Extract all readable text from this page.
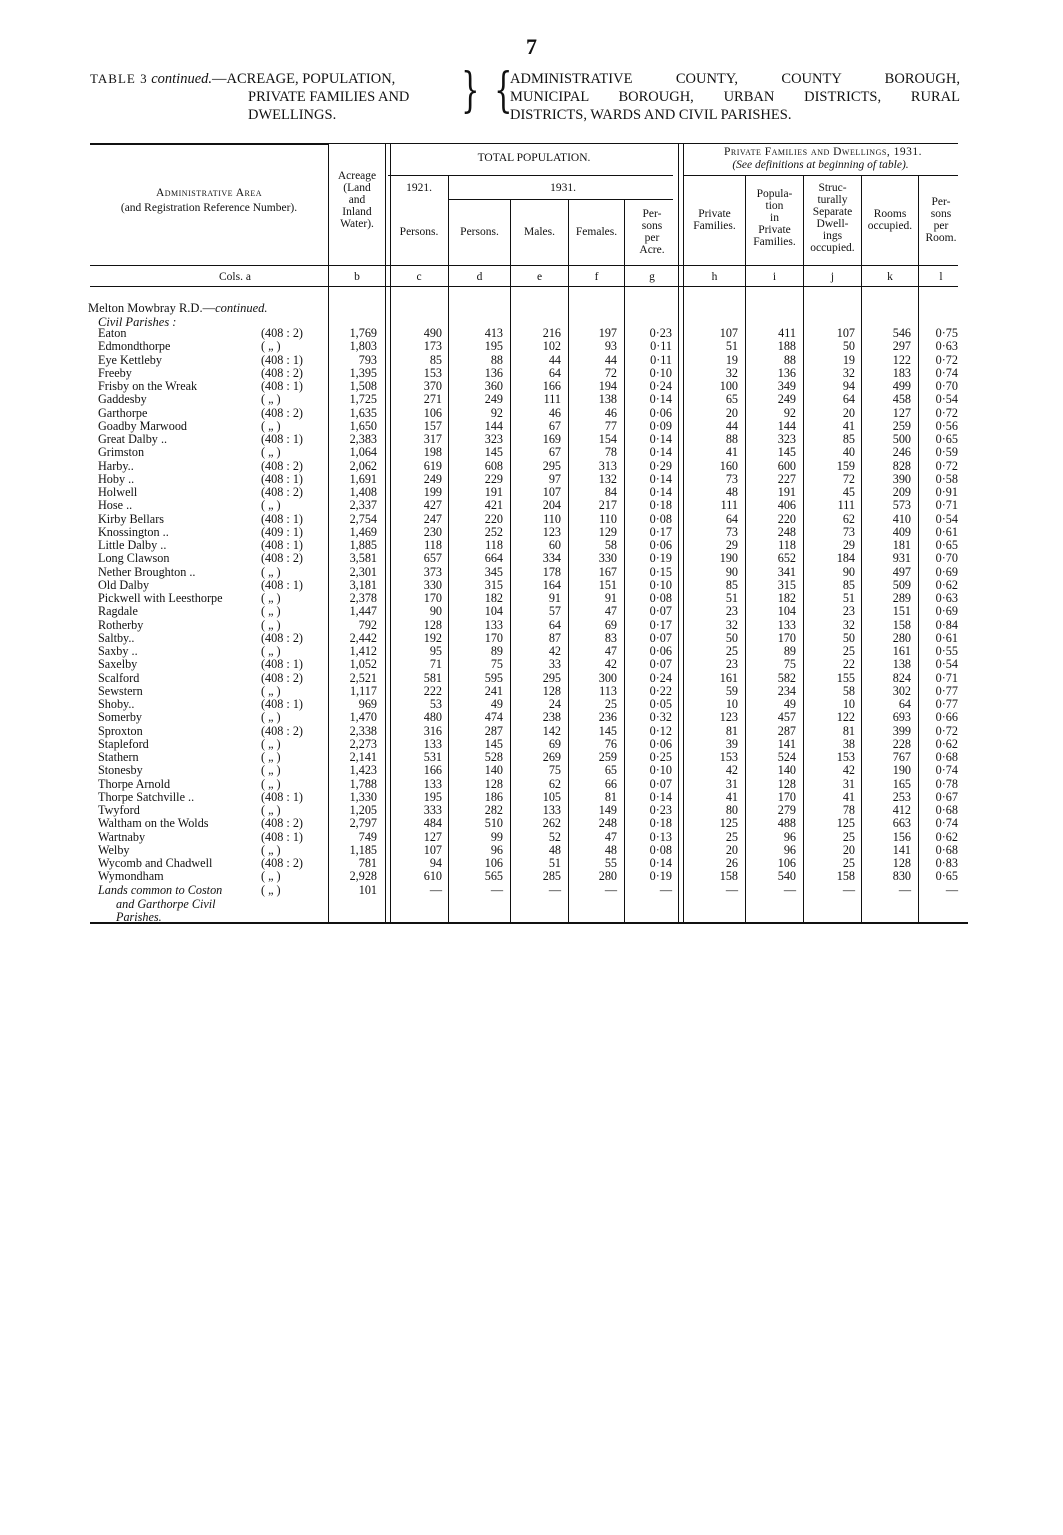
7
} {
TABLE 3 continued.—ACREAGE, POPULATION,
PRIVATE FAMILIES AND
DWELLINGS.
ADMINISTRATIVE COUNTY, COUNTY BOROUGH,
MUNICIPAL BOROUGH, URBAN DISTRICTS, RURAL
DISTRICTS, WARDS AND CIVIL PARISHES.
Administrative Area
(and Registration Reference Number).
Acreage
(Land
and
Inland
Water).
TOTAL POPULATION.
1921.	1931.
Persons.	Persons.	Males.	Females.
Per-
sons
per
Acre.
Private Families and Dwellings, 1931.
(See definitions at beginning of table).
Private
Families.
Popula-
tion
in
Private
Families.
Struc-
turally
Separate
Dwell-
ings
occupied.
Rooms
occupied.
Per-
sons
per
Room.
Cols. a	b	c	d	e	f	g	h	i	j	k	l
Melton Mowbray R.D.—continued.
Civil Parishes :
Eaton	(408 : 2)	1,769	490	413	216	197	0·23	107	411	107	546 0·75
Edmondthorpe	( „ )	1,803	173	195	102	93	0·11	51	188	50	297 0·63
Eye Kettleby	(408 : 1)	793	85	88	44	44	0·11	19	88	19	122 0·72
Freeby	(408 : 2)	1,395	153	136	64	72	0·10	32	136	32	183 0·74
Frisby on the Wreak	(408 : 1)	1,508	370	360	166	194	0·24	100	349	94	499 0·70
Gaddesby	( „ )	1,725	271	249	111	138	0·14	65	249	64	458 0·54
Garthorpe	(408 : 2)	1,635	106	92	46	46	0·06	20	92	20	127 0·72
Goadby Marwood	( „ )	1,650	157	144	67	77	0·09	44	144	41	259 0·56
Great Dalby ..	(408 : 1)	2,383	317	323	169	154	0·14	88	323	85	500 0·65
Grimston	( „ )	1,064	198	145	67	78	0·14	41	145	40	246 0·59
Harby..	(408 : 2)	2,062	619	608	295	313	0·29	160	600	159	828 0·72
Hoby ..	(408 : 1)	1,691	249	229	97	132	0·14	73	227	72	390 0·58
Holwell	(408 : 2)	1,408	199	191	107	84	0·14	48	191	45	209 0·91
Hose ..	( „ )	2,337	427	421	204	217	0·18	111	406	111	573 0·71
Kirby Bellars	(408 : 1)	2,754	247	220	110	110	0·08	64	220	62	410 0·54
Knossington ..	(409 : 1)	1,469	230	252	123	129	0·17	73	248	73	409 0·61
Little Dalby ..	(408 : 1)	1,885	118	118	60	58	0·06	29	118	29	181 0·65
Long Clawson	(408 : 2)	3,581	657	664	334	330	0·19	190	652	184	931 0·70
Nether Broughton ..	( „ )	2,301	373	345	178	167	0·15	90	341	90	497 0·69
Old Dalby	(408 : 1)	3,181	330	315	164	151	0·10	85	315	85	509 0·62
Pickwell with Leesthorpe	( „ )	2,378	170	182	91	91	0·08	51	182	51	289 0·63
Ragdale	( „ )	1,447	90	104	57	47	0·07	23	104	23	151 0·69
Rotherby	( „ )	792	128	133	64	69	0·17	32	133	32	158 0·84
Saltby..	(408 : 2)	2,442	192	170	87	83	0·07	50	170	50	280 0·61
Saxby ..	( „ )	1,412	95	89	42	47	0·06	25	89	25	161 0·55
Saxelby	(408 : 1)	1,052	71	75	33	42	0·07	23	75	22	138 0·54
Scalford	(408 : 2)	2,521	581	595	295	300	0·24	161	582	155	824 0·71
Sewstern	( „ )	1,117	222	241	128	113	0·22	59	234	58	302 0·77
Shoby..	(408 : 1)	969	53	49	24	25	0·05	10	49	10	64 0·77
Somerby	( „ )	1,470	480	474	238	236	0·32	123	457	122	693 0·66
Sproxton	(408 : 2)	2,338	316	287	142	145	0·12	81	287	81	399 0·72
Stapleford	( „ )	2,273	133	145	69	76	0·06	39	141	38	228 0·62
Stathern	( „ )	2,141	531	528	269	259	0·25	153	524	153	767 0·68
Stonesby	( „ )	1,423	166	140	75	65	0·10	42	140	42	190 0·74
Thorpe Arnold	( „ )	1,788	133	128	62	66	0·07	31	128	31	165 0·78
Thorpe Satchville ..	(408 : 1)	1,330	195	186	105	81	0·14	41	170	41	253 0·67
Twyford	( „ )	1,205	333	282	133	149	0·23	80	279	78	412 0·68
Waltham on the Wolds	(408 : 2)	2,797	484	510	262	248	0·18	125	488	125	663 0·74
Wartnaby	(408 : 1)	749	127	99	52	47	0·13	25	96	25	156 0·62
Welby	( „ )	1,185	107	96	48	48	0·08	20	96	20	141 0·68
Wycomb and Chadwell	(408 : 2)	781	94	106	51	55	0·14	26	106	25	128 0·83
Wymondham	( „ )	2,928	610	565	285	280	0·19	158	540	158	830 0·65
Lands common to Coston	( „ )	101	—	—	—	—	—	—	—	—	—	—
and Garthorpe Civil
Parishes.
